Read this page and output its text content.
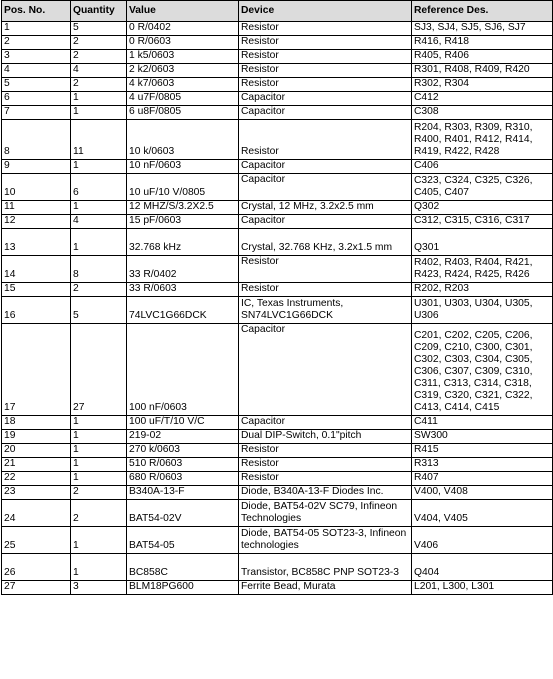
Pos. No.	Quantity	Value	Device	Reference Des.
1	5	0 R/0402	Resistor	SJ3, SJ4, SJ5, SJ6, SJ7
2	2	0 R/0603	Resistor	R416, R418
3	2	1 k5/0603	Resistor	R405, R406
4	4	2 k2/0603	Resistor	R301, R408, R409, R420
5	2	4 k7/0603	Resistor	R302, R304
6	1	4 u7F/0805	Capacitor	C412
7	1	6 u8F/0805	Capacitor	C308
8	11	10 k/0603	Resistor	R204, R303, R309, R310, R400, R401, R412, R414, R419, R422, R428
9	1	10 nF/0603	Capacitor	C406
10	6	10 uF/10 V/0805	Capacitor	C323, C324, C325, C326, C405, C407
11	1	12 MHZ/S/3.2X2.5	Crystal, 12 MHz, 3.2x2.5 mm	Q302
12	4	15 pF/0603	Capacitor	C312, C315, C316, C317
13	1	32.768 kHz	Crystal, 32.768 KHz, 3.2x1.5 mm	Q301
14	8	33 R/0402	Resistor	R402, R403, R404, R421, R423, R424, R425, R426
15	2	33 R/0603	Resistor	R202, R203
16	5	74LVC1G66DCK	IC, Texas Instruments, SN74LVC1G66DCK	U301, U303, U304, U305, U306
17	27	100 nF/0603	Capacitor	C201, C202, C205, C206, C209, C210, C300, C301, C302, C303, C304, C305, C306, C307, C309, C310, C311, C313, C314, C318, C319, C320, C321, C322, C413, C414, C415
18	1	100 uF/T/10 V/C	Capacitor	C411
19	1	219-02	Dual DIP-Switch, 0.1"pitch	SW300
20	1	270 k/0603	Resistor	R415
21	1	510 R/0603	Resistor	R313
22	1	680 R/0603	Resistor	R407
23	2	B340A-13-F	Diode, B340A-13-F Diodes Inc.	V400, V408
24	2	BAT54-02V	Diode, BAT54-02V SC79, Infineon Technologies	V404, V405
25	1	BAT54-05	Diode, BAT54-05 SOT23-3, Infineon technologies	V406
26	1	BC858C	Transistor, BC858C PNP SOT23-3	Q404
27	3	BLM18PG600	Ferrite Bead, Murata	L201, L300, L301
